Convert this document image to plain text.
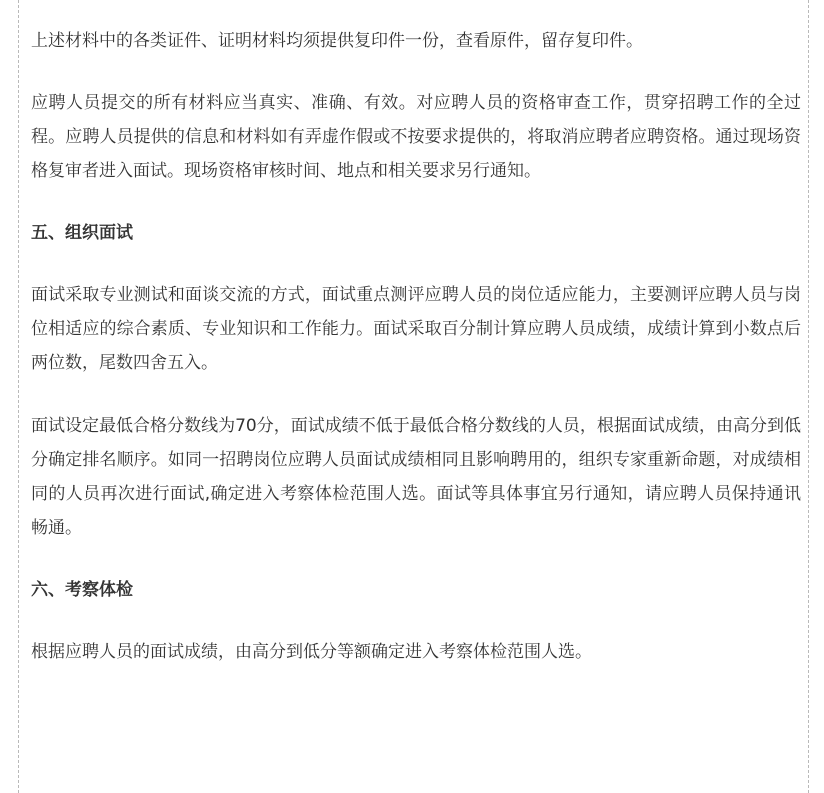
上述材料中的各类证件、证明材料均须提供复印件一份，查看原件，留存复印件。

应聘人员提交的所有材料应当真实、准确、有效。对应聘人员的资格审查工作，贯穿招聘工作的全过程。应聘人员提供的信息和材料如有弄虚作假或不按要求提供的，将取消应聘者应聘资格。通过现场资格复审者进入面试。现场资格审核时间、地点和相关要求另行通知。

五、组织面试

面试采取专业测试和面谈交流的方式，面试重点测评应聘人员的岗位适应能力，主要测评应聘人员与岗位相适应的综合素质、专业知识和工作能力。面试采取百分制计算应聘人员成绩，成绩计算到小数点后两位数，尾数四舍五入。

面试设定最低合格分数线为70分，面试成绩不低于最低合格分数线的人员，根据面试成绩，由高分到低分确定排名顺序。如同一招聘岗位应聘人员面试成绩相同且影响聘用的，组织专家重新命题，对成绩相同的人员再次进行面试,确定进入考察体检范围人选。面试等具体事宜另行通知，请应聘人员保持通讯畅通。

六、考察体检

根据应聘人员的面试成绩，由高分到低分等额确定进入考察体检范围人选。
